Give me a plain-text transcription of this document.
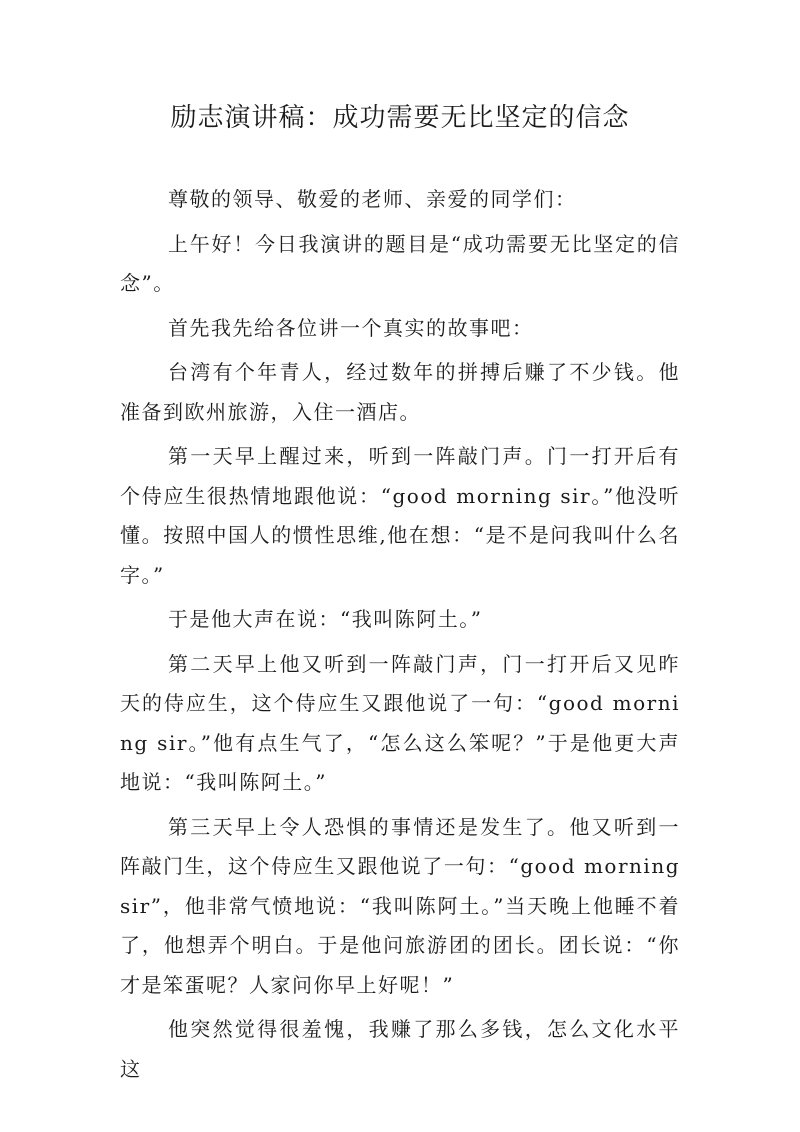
励志演讲稿：成功需要无比坚定的信念

尊敬的领导、敬爱的老师、亲爱的同学们：

上午好！今日我演讲的题目是“成功需要无比坚定的信念”。

首先我先给各位讲一个真实的故事吧：

台湾有个年青人，经过数年的拼搏后赚了不少钱。他准备到欧州旅游，入住一酒店。

第一天早上醒过来，听到一阵敲门声。门一打开后有个侍应生很热情地跟他说：“good morning sir。”他没听懂。按照中国人的惯性思维,他在想：“是不是问我叫什么名字。”

于是他大声在说：“我叫陈阿土。”

第二天早上他又听到一阵敲门声，门一打开后又见昨天的侍应生，这个侍应生又跟他说了一句：“good morning sir。”他有点生气了，“怎么这么笨呢？”于是他更大声地说：“我叫陈阿土。”

第三天早上令人恐惧的事情还是发生了。他又听到一阵敲门生，这个侍应生又跟他说了一句：“good morning sir”，他非常气愤地说：“我叫陈阿土。”当天晚上他睡不着了，他想弄个明白。于是他问旅游团的团长。团长说：“你才是笨蛋呢？人家问你早上好呢！”

他突然觉得很羞愧，我赚了那么多钱，怎么文化水平这
